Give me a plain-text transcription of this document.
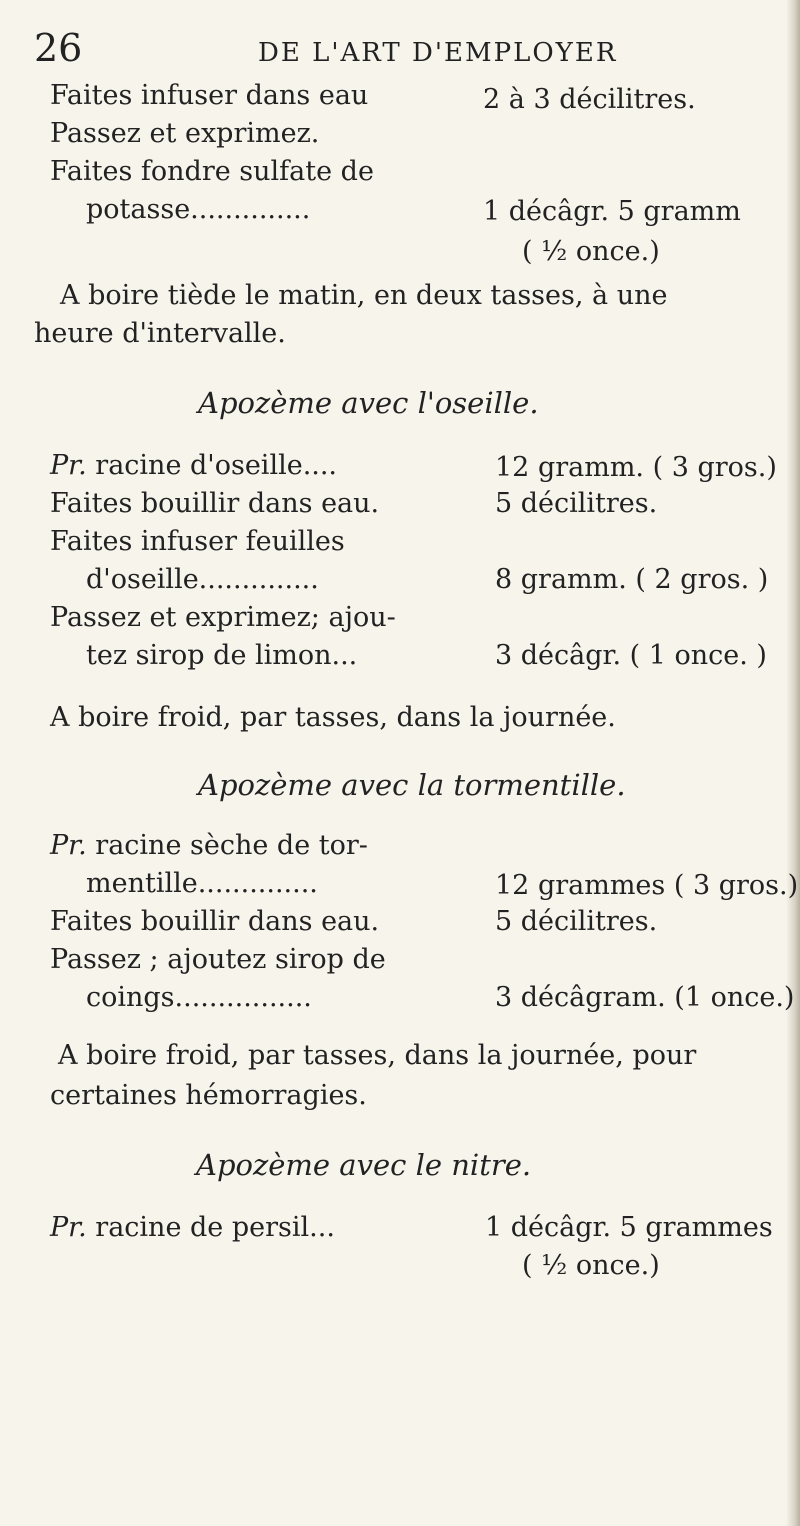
26	DE L'ART D'EMPLOYER
Faites infuser dans eau	2 à 3 décilitres.
Passez et exprimez.
Faites fondre sulfate de
potasse..............	1 décâgr. 5 gramm
( ½ once.)
A boire tiède le matin, en deux tasses, à une
heure d'intervalle.
Apozème avec l'oseille.
Pr. racine d'oseille....	12 gramm. ( 3 gros.)
Faites bouillir dans eau.	5 décilitres.
Faites infuser feuilles
d'oseille..............	8 gramm. ( 2 gros. )
Passez et exprimez; ajou-
tez sirop de limon...	3 décâgr. ( 1 once. )
A boire froid, par tasses, dans la journée.
Apozème avec la tormentille.
Pr. racine sèche de tor-
mentille..............	12 grammes ( 3 gros.)
Faites bouillir dans eau.	5 décilitres.
Passez ; ajoutez sirop de
coings................	3 décâgram. (1 once.)
A boire froid, par tasses, dans la journée, pour
certaines hémorragies.
Apozème avec le nitre.
Pr. racine de persil...	1 décâgr. 5 grammes
( ½ once.)
